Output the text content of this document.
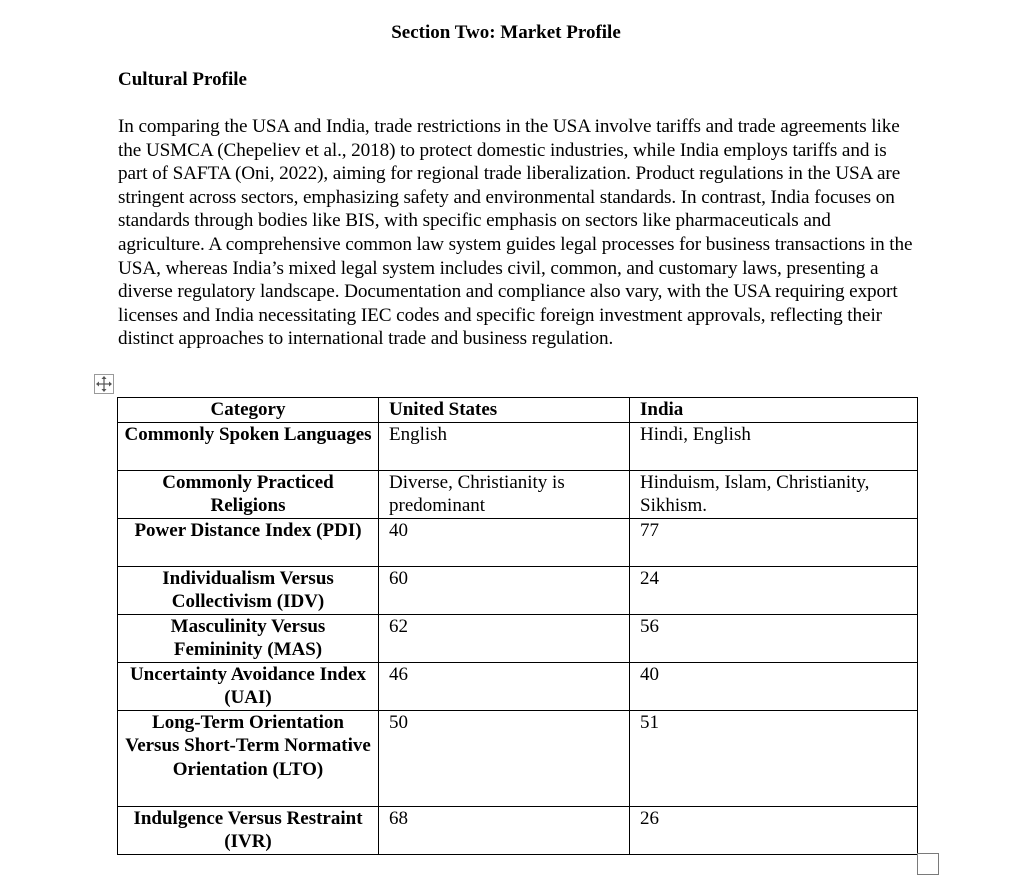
Section Two: Market Profile
Cultural Profile
In comparing the USA and India, trade restrictions in the USA involve tariffs and trade agreements like the USMCA (Chepeliev et al., 2018) to protect domestic industries, while India employs tariffs and is part of SAFTA (Oni, 2022), aiming for regional trade liberalization. Product regulations in the USA are stringent across sectors, emphasizing safety and environmental standards. In contrast, India focuses on standards through bodies like BIS, with specific emphasis on sectors like pharmaceuticals and agriculture. A comprehensive common law system guides legal processes for business transactions in the USA, whereas India’s mixed legal system includes civil, common, and customary laws, presenting a diverse regulatory landscape. Documentation and compliance also vary, with the USA requiring export licenses and India necessitating IEC codes and specific foreign investment approvals, reflecting their distinct approaches to international trade and business regulation.
Category	United States	India
Commonly Spoken Languages	English	Hindi, English
Commonly Practiced Religions	Diverse, Christianity is predominant	Hinduism, Islam, Christianity, Sikhism.
Power Distance Index (PDI)	40	77
Individualism Versus Collectivism (IDV)	60	24
Masculinity Versus Femininity (MAS)	62	56
Uncertainty Avoidance Index (UAI)	46	40
Long-Term Orientation Versus Short-Term Normative Orientation (LTO)	50	51
Indulgence Versus Restraint (IVR)	68	26
